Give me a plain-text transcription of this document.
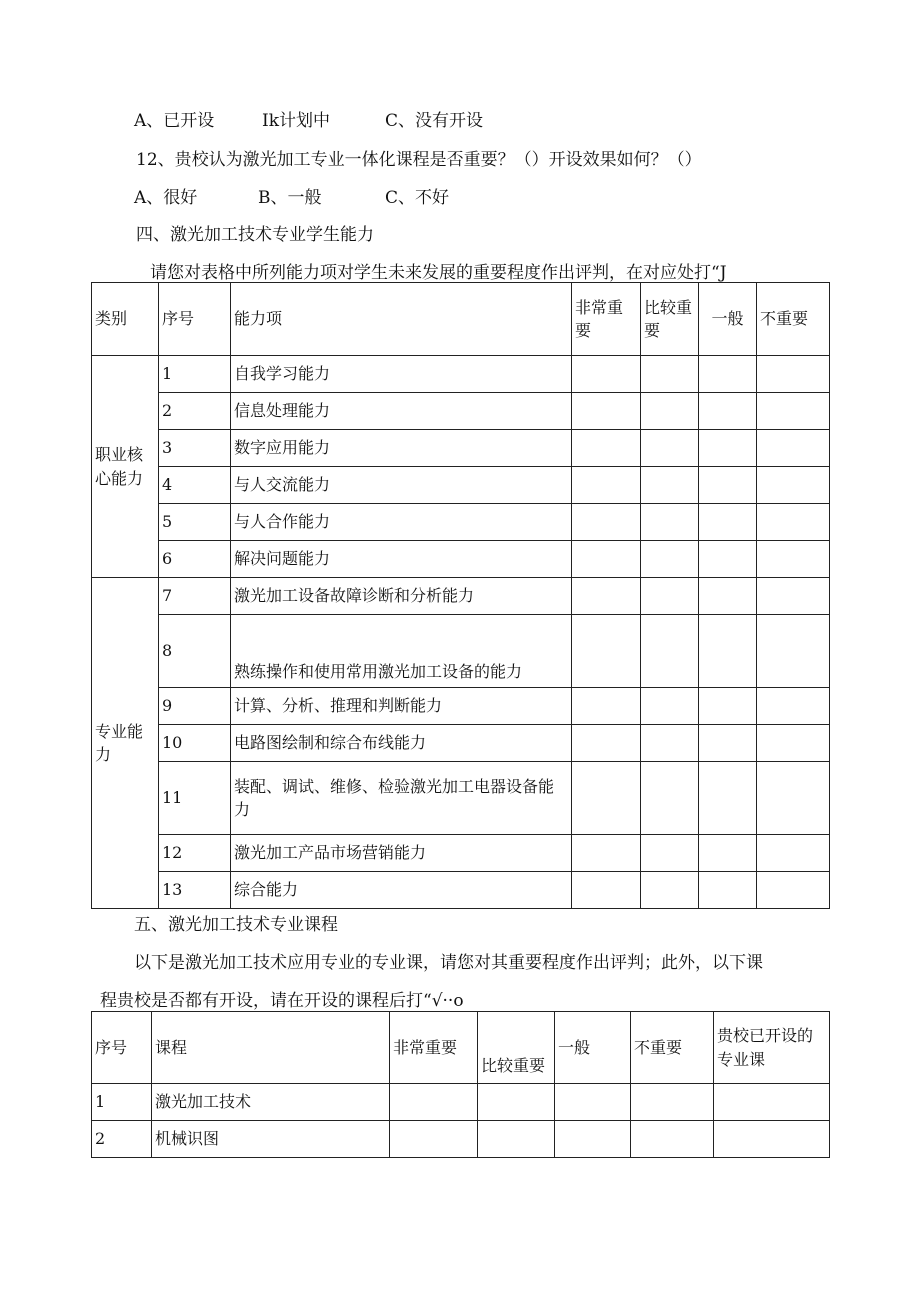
A、已开设	Ik计划中	C、没有开设
12、贵校认为激光加工专业一体化课程是否重要？（）开设效果如何？（）
A、很好	B、一般	C、不好
四、激光加工技术专业学生能力
请您对表格中所列能力项对学生未来发展的重要程度作出评判，在对应处打“J
类别	序号	能力项	非常重要	比较重要	一般	不重要
职业核心能力	1	自我学习能力				
	2	信息处理能力				
	3	数字应用能力				
	4	与人交流能力				
	5	与人合作能力				
	6	解决问题能力				
专业能力	7	激光加工设备故障诊断和分析能力				
	8	熟练操作和使用常用激光加工设备的能力				
	9	计算、分析、推理和判断能力				
	10	电路图绘制和综合布线能力				
	11	装配、调试、维修、检验激光加工电器设备能力				
	12	激光加工产品市场营销能力				
	13	综合能力				
五、激光加工技术专业课程
以下是激光加工技术应用专业的专业课，请您对其重要程度作出评判；此外，以下课
程贵校是否都有开设，请在开设的课程后打“√··o
序号	课程	非常重要	比较重要	一般	不重要	贵校已开设的专业课
1	激光加工技术					
2	机械识图					
